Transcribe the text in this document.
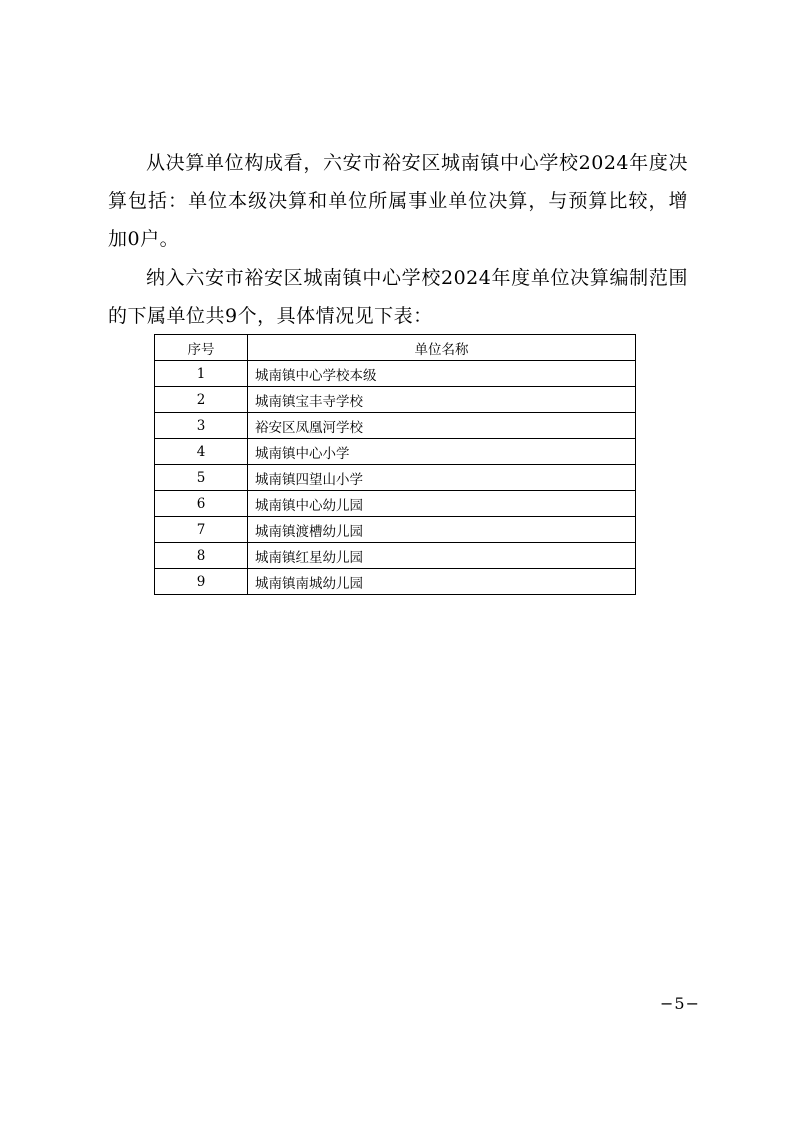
从决算单位构成看，六安市裕安区城南镇中心学校2024年度决算包括：单位本级决算和单位所属事业单位决算，与预算比较，增加0户。

纳入六安市裕安区城南镇中心学校2024年度单位决算编制范围的下属单位共9个，具体情况见下表：

序号	单位名称
1	城南镇中心学校本级
2	城南镇宝丰寺学校
3	裕安区凤凰河学校
4	城南镇中心小学
5	城南镇四望山小学
6	城南镇中心幼儿园
7	城南镇渡槽幼儿园
8	城南镇红星幼儿园
9	城南镇南城幼儿园
−5−
